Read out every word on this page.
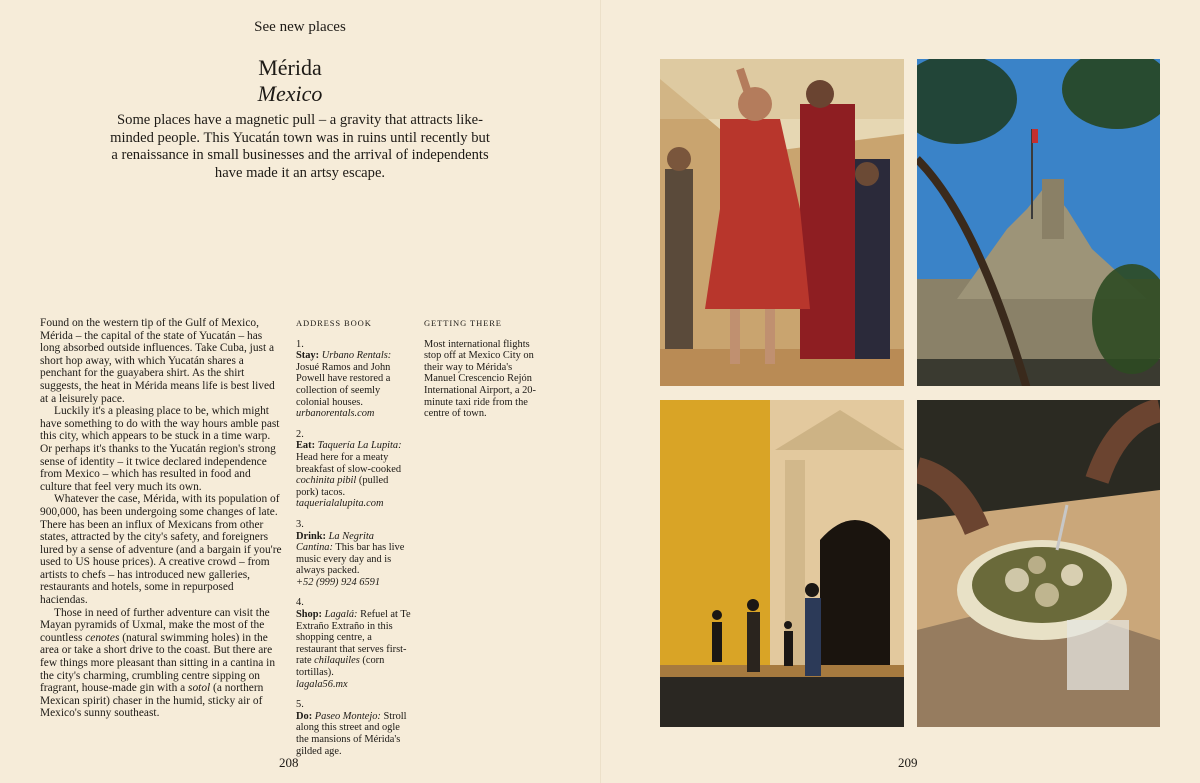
See new places
Mérida
Mexico

Some places have a magnetic pull – a gravity that attracts like-minded people. This Yucatán town was in ruins until recently but a renaissance in small businesses and the arrival of independents have made it an artsy escape.

Found on the western tip of the Gulf of Mexico, Mérida – the capital of the state of Yucatán – has long absorbed outside influences. Take Cuba, just a short hop away, with which Yucatán shares a penchant for the guayabera shirt. As the shirt suggests, the heat in Mérida means life is best lived at a leisurely pace.

Luckily it's a pleasing place to be, which might have something to do with the way hours amble past this city, which appears to be stuck in a time warp. Or perhaps it's thanks to the Yucatán region's strong sense of identity – it twice declared independence from Mexico – which has resulted in food and culture that feel very much its own.

Whatever the case, Mérida, with its population of 900,000, has been undergoing some changes of late. There has been an influx of Mexicans from other states, attracted by the city's safety, and foreigners lured by a sense of adventure (and a bargain if you're used to US house prices). A creative crowd – from artists to chefs – has introduced new galleries, restaurants and hotels, some in repurposed haciendas.

Those in need of further adventure can visit the Mayan pyramids of Uxmal, make the most of the countless cenotes (natural swimming holes) in the area or take a short drive to the coast. But there are few things more pleasant than sitting in a cantina in the city's charming, crumbling centre sipping on fragrant, house-made gin with a sotol (a northern Mexican spirit) chaser in the humid, sticky air of Mexico's sunny southeast.

ADDRESS BOOK
1.
Stay: Urbano Rentals: Josué Ramos and John Powell have restored a collection of seemly colonial houses.
urbanorentals.com
2.
Eat: Taquería La Lupita: Head here for a meaty breakfast of slow-cooked cochinita pibil (pulled pork) tacos.
taquerialalupita.com
3.
Drink: La Negrita Cantina: This bar has live music every day and is always packed.
+52 (999) 924 6591
4.
Shop: Lagalá: Refuel at Te Extraño Extraño in this shopping centre, a restaurant that serves first-rate chilaquiles (corn tortillas).
lagala56.mx
5.
Do: Paseo Montejo: Stroll along this street and ogle the mansions of Mérida's gilded age.
GETTING THERE
Most international flights stop off at Mexico City on their way to Mérida's Manuel Crescencio Rejón International Airport, a 20-minute taxi ride from the centre of town.
208	209
